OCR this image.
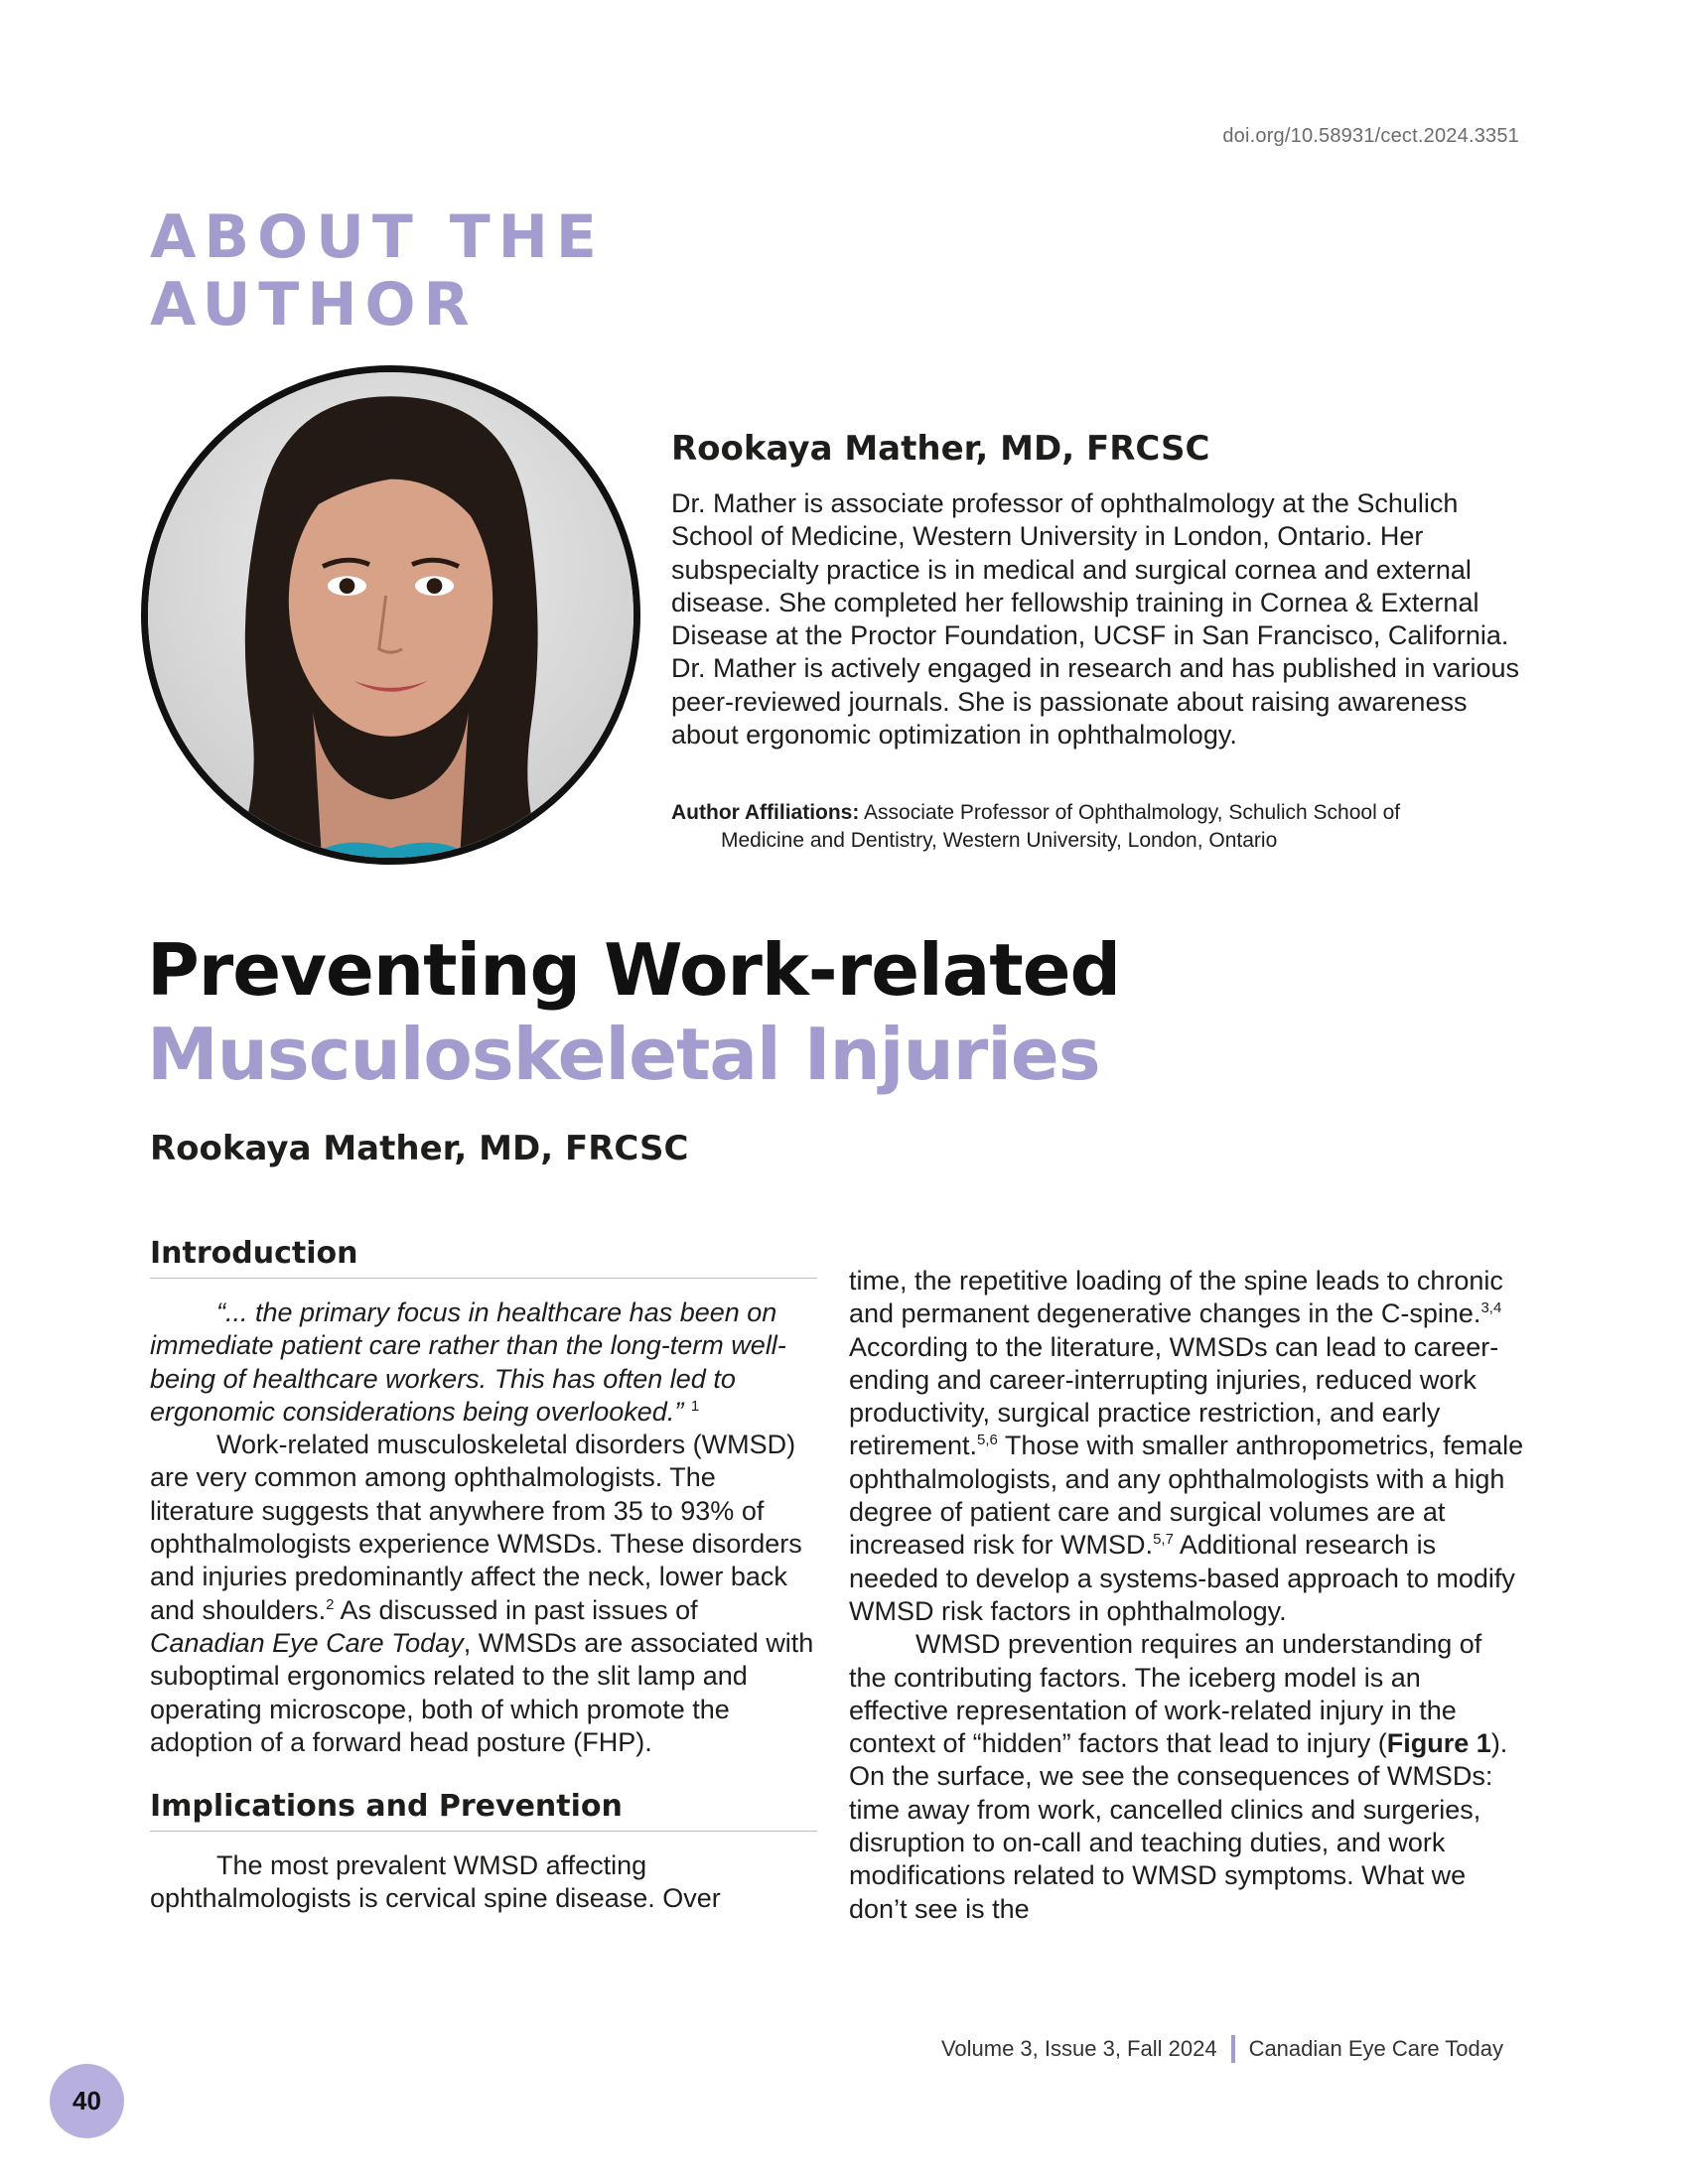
doi.org/10.58931/cect.2024.3351
ABOUT THE
AUTHOR
Rookaya Mather, MD, FRCSC
Dr. Mather is associate professor of ophthalmology at the Schulich School of Medicine, Western University in London, Ontario. Her subspecialty practice is in medical and surgical cornea and external disease. She completed her fellowship training in Cornea & External Disease at the Proctor Foundation, UCSF in San Francisco, California. Dr. Mather is actively engaged in research and has published in various peer-reviewed journals. She is passionate about raising awareness about ergonomic optimization in ophthalmology.
Author Affiliations: Associate Professor of Ophthalmology, Schulich School of
Medicine and Dentistry, Western University, London, Ontario
Preventing Work-related
Musculoskeletal Injuries
Rookaya Mather, MD, FRCSC
Introduction

“... the primary focus in healthcare has been on immediate patient care rather than the long-term well-being of healthcare workers. This has often led to ergonomic considerations being overlooked.” $^1$

Work-related musculoskeletal disorders (WMSD) are very common among ophthalmologists. The literature suggests that anywhere from 35 to 93% of ophthalmologists experience WMSDs. These disorders and injuries predominantly affect the neck, lower back and shoulders.$^2$ As discussed in past issues of Canadian Eye Care Today, WMSDs are associated with suboptimal ergonomics related to the slit lamp and operating microscope, both of which promote the adoption of a forward head posture (FHP).

Implications and Prevention

The most prevalent WMSD affecting ophthalmologists is cervical spine disease. Over

time, the repetitive loading of the spine leads to chronic and permanent degenerative changes in the C-spine.$^{3,4}$ According to the literature, WMSDs can lead to career-ending and career-interrupting injuries, reduced work productivity, surgical practice restriction, and early retirement.$^{5,6}$ Those with smaller anthropometrics, female ophthalmologists, and any ophthalmologists with a high degree of patient care and surgical volumes are at increased risk for WMSD.$^{5,7}$ Additional research is needed to develop a systems-based approach to modify WMSD risk factors in ophthalmology.

WMSD prevention requires an understanding of the contributing factors. The iceberg model is an effective representation of work-related injury in the context of “hidden” factors that lead to injury (Figure 1). On the surface, we see the consequences of WMSDs: time away from work, cancelled clinics and surgeries, disruption to on-call and teaching duties, and work modifications related to WMSD symptoms. What we don’t see is the

Volume 3, Issue 3, Fall 2024 Canadian Eye Care Today
40
